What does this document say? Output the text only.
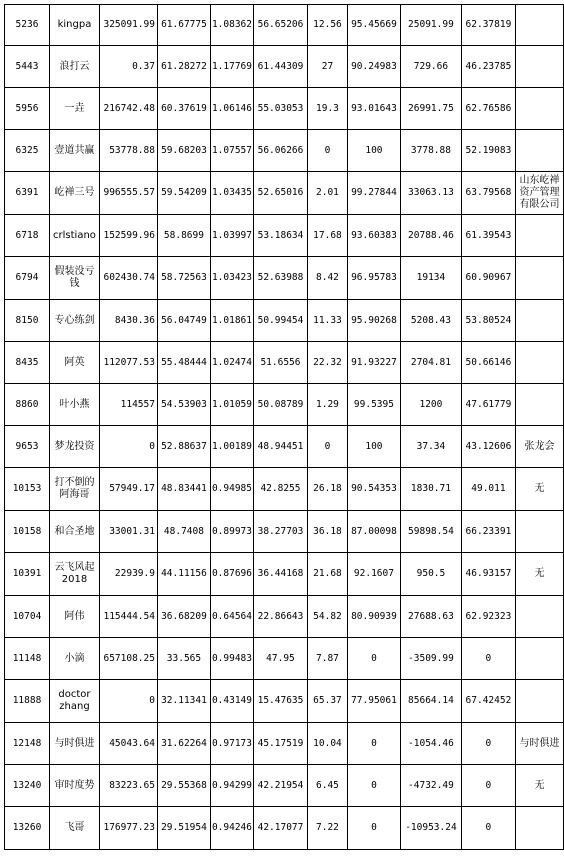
5236	kingpa	325091.99	61.67775	1.08362	56.65206	12.56	95.45669	25091.99	62.37819	
5443	浪打云	0.37	61.28272	1.17769	61.44309	27	90.24983	729.66	46.23785	
5956	一垚	216742.48	60.37619	1.06146	55.03053	19.3	93.01643	26991.75	62.76586	
6325	壹道共赢	53778.88	59.68203	1.07557	56.06266	0	100	3778.88	52.19083	
6391	屹禅三号	996555.57	59.54209	1.03435	52.65016	2.01	99.27844	33063.13	63.79568	山东屹禅资产管理有限公司
6718	crlstiano	152599.96	58.8699	1.03997	53.18634	17.68	93.60383	20788.46	61.39543	
6794	假装没亏钱	602430.74	58.72563	1.03423	52.63988	8.42	96.95783	19134	60.90967	
8150	专心练剑	8430.36	56.04749	1.01861	50.99454	11.33	95.90268	5208.43	53.80524	
8435	阿英	112077.53	55.48444	1.02474	51.6556	22.32	91.93227	2704.81	50.66146	
8860	叶小燕	114557	54.53903	1.01059	50.08789	1.29	99.5395	1200	47.61779	
9653	梦龙投资	0	52.88637	1.00189	48.94451	0	100	37.34	43.12606	张龙会
10153	打不倒的阿海哥	57949.17	48.83441	0.94985	42.8255	26.18	90.54353	1830.71	49.011	无
10158	和合圣地	33001.31	48.7408	0.89973	38.27703	36.18	87.00098	59898.54	66.23391	
10391	云飞风起2018	22939.9	44.11156	0.87696	36.44168	21.68	92.1607	950.5	46.93157	无
10704	阿伟	115444.54	36.68209	0.64564	22.86643	54.82	80.90939	27688.63	62.92323	
11148	小滴	657108.25	33.565	0.99483	47.95	7.87	0	-3509.99	0	
11888	doctor zhang	0	32.11341	0.43149	15.47635	65.37	77.95061	85664.14	67.42452	
12148	与时俱进	45043.64	31.62264	0.97173	45.17519	10.04	0	-1054.46	0	与时俱进
13240	审时度势	83223.65	29.55368	0.94299	42.21954	6.45	0	-4732.49	0	无
13260	飞哥	176977.23	29.51954	0.94246	42.17077	7.22	0	-10953.24	0	
